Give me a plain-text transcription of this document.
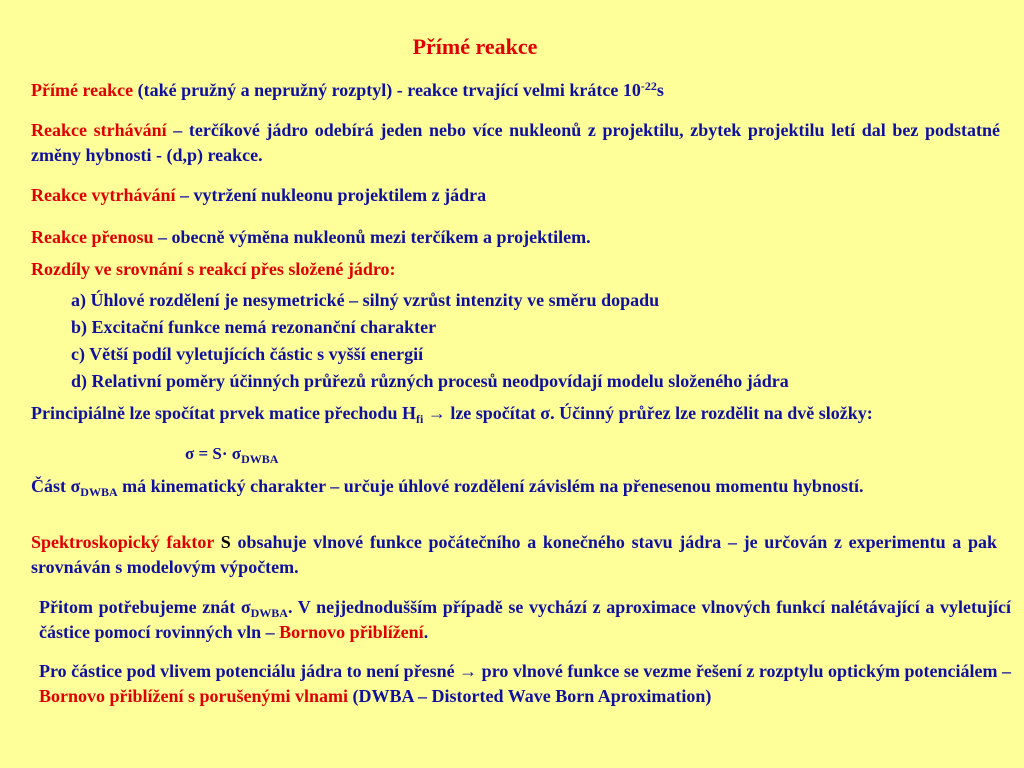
Přímé reakce
Přímé reakce (také pružný a nepružný rozptyl) - reakce trvající velmi krátce $10^{-22}s$
Reakce strhávání – terčíkové jádro odebírá jeden nebo více nukleonů z projektilu, zbytek projektilu letí dal bez podstatné změny hybnosti - (d,p) reakce.
Reakce vytrhávání – vytržení nukleonu projektilem z jádra
Reakce přenosu – obecně výměna nukleonů mezi terčíkem a projektilem.
Rozdíly ve srovnání s reakcí přes složené jádro:
a) Úhlové rozdělení je nesymetrické – silný vzrůst intenzity ve směru dopadu
b) Excitační funkce nemá rezonanční charakter
c) Větší podíl vyletujících částic s vyšší energií
d) Relativní poměry účinných průřezů různých procesů neodpovídají modelu složeného jádra
Principiálně lze spočítat prvek matice přechodu $H_{fi}$ → lze spočítat σ. Účinný průřez lze rozdělit na dvě složky:
$\sigma = S\cdot \sigma_{DWBA}$
Část $\sigma_{DWBA}$ má kinematický charakter – určuje úhlové rozdělení závislém na přenesenou momentu hybností.
Spektroskopický faktor S obsahuje vlnové funkce počátečního a konečného stavu jádra – je určován z experimentu a pak srovnáván s modelovým výpočtem.
Přitom potřebujeme znát $\sigma_{DWBA}$. V nejjednodušším případě se vychází z aproximace vlnových funkcí nalétávající a vyletující částice pomocí rovinných vln – Bornovo přiblížení.
Pro částice pod vlivem potenciálu jádra to není přesné → pro vlnové funkce se vezme řešení z rozptylu optickým potenciálem – Bornovo přiblížení s porušenými vlnami (DWBA – Distorted Wave Born Aproximation)
